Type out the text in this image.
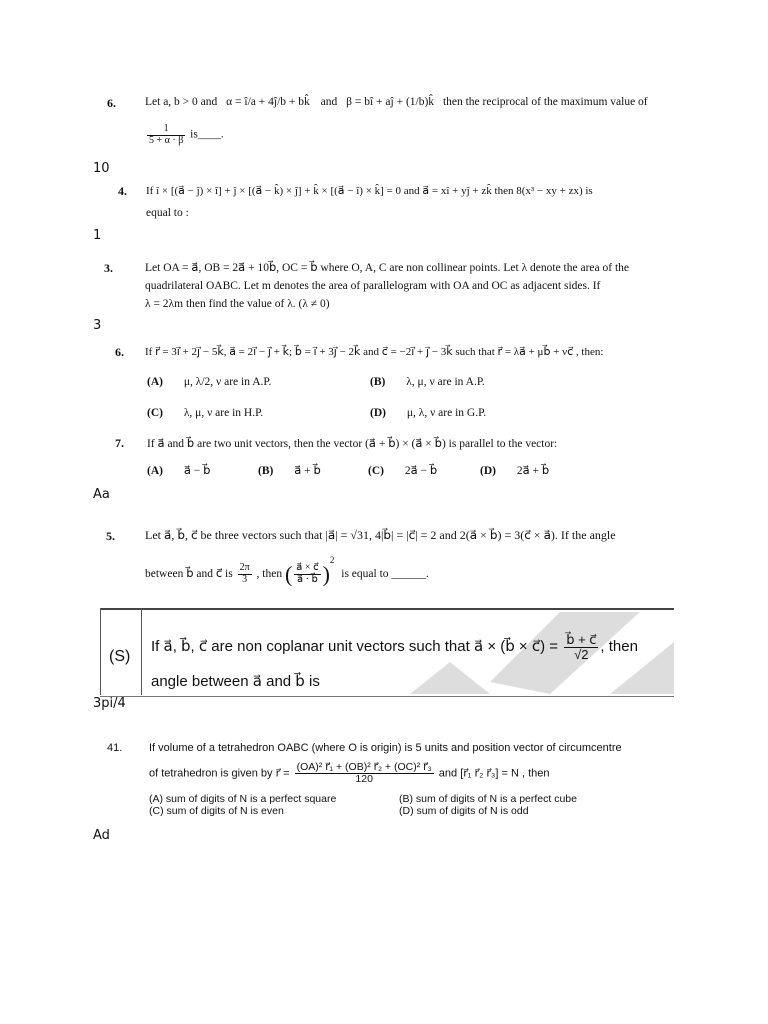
6.	Let a, b > 0 and α = î/a + 4ĵ/b + bk̂ and β = bî + aĵ + (1/b)k̂ then the reciprocal of the maximum value of
$\frac{1}{5 + \alpha \cdot \beta}$ is____.
10
4. If î × [(a⃗ − ĵ) × î] + ĵ × [(a⃗ − k̂) × ĵ] + k̂ × [(a⃗ − î) × k̂] = 0 and a⃗ = xî + yĵ + zk̂ then 8(x³ − xy + zx) is
equal to :
1
3.	Let OA = a⃗, OB = 2a⃗ + 10b⃗, OC = b⃗ where O, A, C are non collinear points. Let λ denote the area of the
quadrilateral OABC. Let m denotes the area of parallelogram with OA and OC as adjacent sides. If
λ = 2λm then find the value of λ. (λ ≠ 0)
3
6. If r⃗ = 3i⃗ + 2j⃗ − 5k⃗, a⃗ = 2i⃗ − j⃗ + k⃗; b⃗ = i⃗ + 3j⃗ − 2k⃗ and c⃗ = −2i⃗ + j⃗ − 3k⃗ such that r⃗ = λa⃗ + μb⃗ + νc⃗ , then:
(A) μ, λ/2, ν are in A.P.	(B) λ, μ, ν are in A.P.
(C) λ, μ, ν are in H.P.	(D) μ, λ, ν are in G.P.
7. If a⃗ and b⃗ are two unit vectors, then the vector (a⃗ + b⃗) × (a⃗ × b⃗) is parallel to the vector:
(A) a⃗ − b⃗	(B) a⃗ + b⃗	(C) 2a⃗ − b⃗	(D) 2a⃗ + b⃗
Aa
5.	Let a⃗, b⃗, c⃗ be three vectors such that |a⃗| = √31, 4|b⃗| = |c⃗| = 2 and 2(a⃗ × b⃗) = 3(c⃗ × a⃗). If the angle
between b⃗ and c⃗ is $\frac{2\pi}{3}$ , then ( $\frac{a⃗ \times c⃗}{a⃗ \cdot b⃗} )^2$ is equal to ______.
(S)
If a⃗, b⃗, c⃗ are non coplanar unit vectors such that a⃗ × (b⃗ × c⃗) = $\frac{b⃗ + c⃗}{√2}$ , then
angle between a⃗ and b⃗ is
3pi/4
41. If volume of a tetrahedron OABC (where O is origin) is 5 units and position vector of circumcentre
of tetrahedron is given by r⃗ = $\frac{\text{(OA)² r⃗₁ + (OB)² r⃗₂ + (OC)² r⃗₃}}{120}$ and [r⃗₁ r⃗₂ r⃗₃] = N , then
(A) sum of digits of N is a perfect square	(B) sum of digits of N is a perfect cube
(C) sum of digits of N is even	(D) sum of digits of N is odd
Ad
